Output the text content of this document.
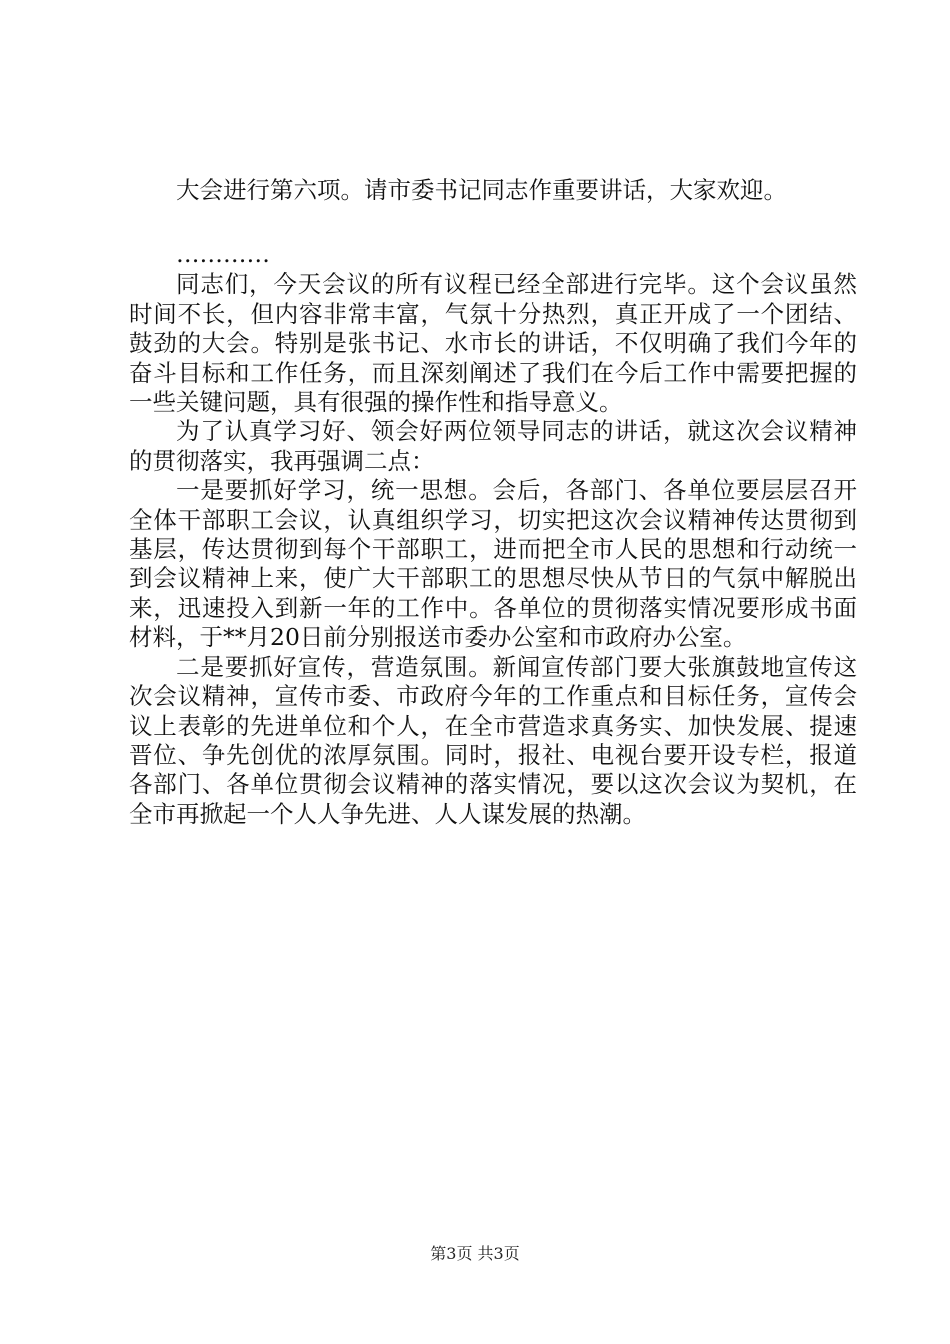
大会进行第六项。请市委书记同志作重要讲话，大家欢迎。

…………

同志们，今天会议的所有议程已经全部进行完毕。这个会议虽然时间不长，但内容非常丰富，气氛十分热烈，真正开成了一个团结、鼓劲的大会。特别是张书记、水市长的讲话，不仅明确了我们今年的奋斗目标和工作任务，而且深刻阐述了我们在今后工作中需要把握的一些关键问题，具有很强的操作性和指导意义。

为了认真学习好、领会好两位领导同志的讲话，就这次会议精神的贯彻落实，我再强调二点：

一是要抓好学习，统一思想。会后，各部门、各单位要层层召开全体干部职工会议，认真组织学习，切实把这次会议精神传达贯彻到基层，传达贯彻到每个干部职工，进而把全市人民的思想和行动统一到会议精神上来，使广大干部职工的思想尽快从节日的气氛中解脱出来，迅速投入到新一年的工作中。各单位的贯彻落实情况要形成书面材料，于**月20日前分别报送市委办公室和市政府办公室。

二是要抓好宣传，营造氛围。新闻宣传部门要大张旗鼓地宣传这次会议精神，宣传市委、市政府今年的工作重点和目标任务，宣传会议上表彰的先进单位和个人，在全市营造求真务实、加快发展、提速晋位、争先创优的浓厚氛围。同时，报社、电视台要开设专栏，报道各部门、各单位贯彻会议精神的落实情况，要以这次会议为契机，在全市再掀起一个人人争先进、人人谋发展的热潮。

第3页 共3页
